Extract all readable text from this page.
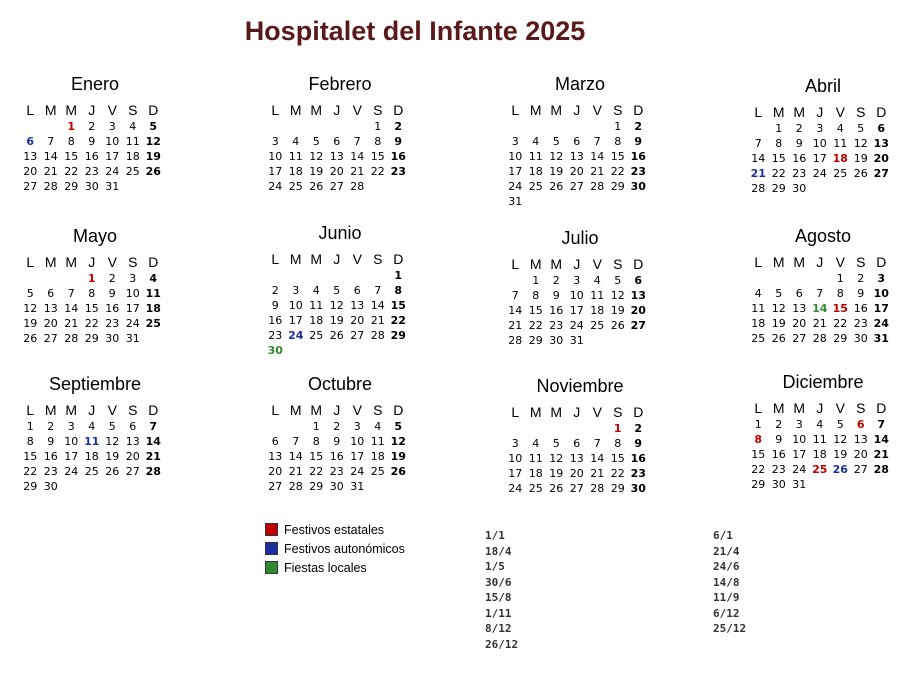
Hospitalet del Infante 2025
Enero
L	M	M	J	V	S	D
		1	2	3	4	5
6	7	8	9	10	11	12
13	14	15	16	17	18	19
20	21	22	23	24	25	26
27	28	29	30	31		
Febrero
L	M	M	J	V	S	D
					1	2
3	4	5	6	7	8	9
10	11	12	13	14	15	16
17	18	19	20	21	22	23
24	25	26	27	28		
Marzo
L	M	M	J	V	S	D
					1	2
3	4	5	6	7	8	9
10	11	12	13	14	15	16
17	18	19	20	21	22	23
24	25	26	27	28	29	30
31						
Abril
L	M	M	J	V	S	D
	1	2	3	4	5	6
7	8	9	10	11	12	13
14	15	16	17	18	19	20
21	22	23	24	25	26	27
28	29	30				
Mayo
L	M	M	J	V	S	D
			1	2	3	4
5	6	7	8	9	10	11
12	13	14	15	16	17	18
19	20	21	22	23	24	25
26	27	28	29	30	31	
Junio
L	M	M	J	V	S	D
						1
2	3	4	5	6	7	8
9	10	11	12	13	14	15
16	17	18	19	20	21	22
23	24	25	26	27	28	29
30						
Julio
L	M	M	J	V	S	D
	1	2	3	4	5	6
7	8	9	10	11	12	13
14	15	16	17	18	19	20
21	22	23	24	25	26	27
28	29	30	31			
Agosto
L	M	M	J	V	S	D
				1	2	3
4	5	6	7	8	9	10
11	12	13	14	15	16	17
18	19	20	21	22	23	24
25	26	27	28	29	30	31
Septiembre
L	M	M	J	V	S	D
1	2	3	4	5	6	7
8	9	10	11	12	13	14
15	16	17	18	19	20	21
22	23	24	25	26	27	28
29	30					
Octubre
L	M	M	J	V	S	D
		1	2	3	4	5
6	7	8	9	10	11	12
13	14	15	16	17	18	19
20	21	22	23	24	25	26
27	28	29	30	31		
Noviembre
L	M	M	J	V	S	D
					1	2
3	4	5	6	7	8	9
10	11	12	13	14	15	16
17	18	19	20	21	22	23
24	25	26	27	28	29	30
Diciembre
L	M	M	J	V	S	D
1	2	3	4	5	6	7
8	9	10	11	12	13	14
15	16	17	18	19	20	21
22	23	24	25	26	27	28
29	30	31				
Festivos estatales
Festivos autonómicos
Fiestas locales
1/1
18/4
1/5
30/6
15/8
1/11
8/12
26/12
6/1
21/4
24/6
14/8
11/9
6/12
25/12
